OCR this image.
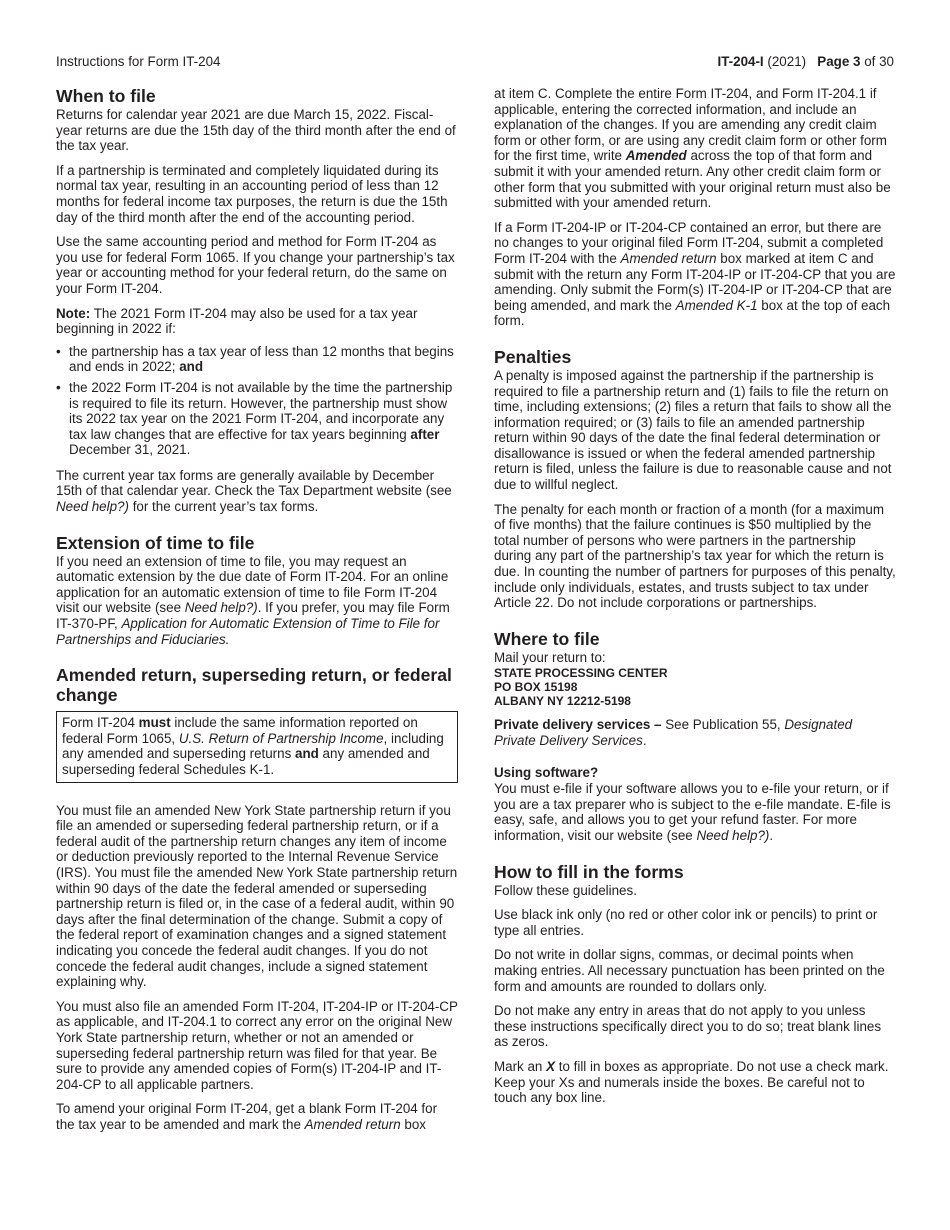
Instructions for Form IT-204	IT-204-I (2021) Page 3 of 30
When to file

Returns for calendar year 2021 are due March 15, 2022. Fiscal-year returns are due the 15th day of the third month after the end of the tax year.

If a partnership is terminated and completely liquidated during its normal tax year, resulting in an accounting period of less than 12 months for federal income tax purposes, the return is due the 15th day of the third month after the end of the accounting period.

Use the same accounting period and method for Form IT-204 as you use for federal Form 1065. If you change your partnership’s tax year or accounting method for your federal return, do the same on your Form IT-204.

Note: The 2021 Form IT-204 may also be used for a tax year beginning in 2022 if:

• the partnership has a tax year of less than 12 months that begins and ends in 2022; and
• the 2022 Form IT-204 is not available by the time the partnership is required to file its return. However, the partnership must show its 2022 tax year on the 2021 Form IT-204, and incorporate any tax law changes that are effective for tax years beginning after December 31, 2021.

The current year tax forms are generally available by December 15th of that calendar year. Check the Tax Department website (see Need help?) for the current year’s tax forms.

Extension of time to file

If you need an extension of time to file, you may request an automatic extension by the due date of Form IT-204. For an online application for an automatic extension of time to file Form IT-204 visit our website (see Need help?). If you prefer, you may file Form IT-370-PF, Application for Automatic Extension of Time to File for Partnerships and Fiduciaries.

Amended return, superseding return, or federal change
Form IT-204 must include the same information reported on federal Form 1065, U.S. Return of Partnership Income, including any amended and superseding returns and any amended and superseding federal Schedules K-1.

You must file an amended New York State partnership return if you file an amended or superseding federal partnership return, or if a federal audit of the partnership return changes any item of income or deduction previously reported to the Internal Revenue Service (IRS). You must file the amended New York State partnership return within 90 days of the date the federal amended or superseding partnership return is filed or, in the case of a federal audit, within 90 days after the final determination of the change. Submit a copy of the federal report of examination changes and a signed statement indicating you concede the federal audit changes. If you do not concede the federal audit changes, include a signed statement explaining why.

You must also file an amended Form IT-204, IT-204-IP or IT-204-CP as applicable, and IT-204.1 to correct any error on the original New York State partnership return, whether or not an amended or superseding federal partnership return was filed for that year. Be sure to provide any amended copies of Form(s) IT-204-IP and IT-204-CP to all applicable partners.

To amend your original Form IT-204, get a blank Form IT-204 for the tax year to be amended and mark the Amended return box

at item C. Complete the entire Form IT-204, and Form IT-204.1 if applicable, entering the corrected information, and include an explanation of the changes. If you are amending any credit claim form or other form, or are using any credit claim form or other form for the first time, write Amended across the top of that form and submit it with your amended return. Any other credit claim form or other form that you submitted with your original return must also be submitted with your amended return.

If a Form IT-204-IP or IT-204-CP contained an error, but there are no changes to your original filed Form IT-204, submit a completed Form IT-204 with the Amended return box marked at item C and submit with the return any Form IT-204-IP or IT-204-CP that you are amending. Only submit the Form(s) IT-204-IP or IT-204-CP that are being amended, and mark the Amended K-1 box at the top of each form.

Penalties

A penalty is imposed against the partnership if the partnership is required to file a partnership return and (1) fails to file the return on time, including extensions; (2) files a return that fails to show all the information required; or (3) fails to file an amended partnership return within 90 days of the date the final federal determination or disallowance is issued or when the federal amended partnership return is filed, unless the failure is due to reasonable cause and not due to willful neglect.

The penalty for each month or fraction of a month (for a maximum of five months) that the failure continues is $50 multiplied by the total number of persons who were partners in the partnership during any part of the partnership’s tax year for which the return is due. In counting the number of partners for purposes of this penalty, include only individuals, estates, and trusts subject to tax under Article 22. Do not include corporations or partnerships.

Where to file

Mail your return to:

STATE PROCESSING CENTER
PO BOX 15198
ALBANY NY 12212-5198

Private delivery services – See Publication 55, Designated Private Delivery Services.

Using software?

You must e-file if your software allows you to e-file your return, or if you are a tax preparer who is subject to the e-file mandate. E-file is easy, safe, and allows you to get your refund faster. For more information, visit our website (see Need help?).

How to fill in the forms

Follow these guidelines.

Use black ink only (no red or other color ink or pencils) to print or type all entries.

Do not write in dollar signs, commas, or decimal points when making entries. All necessary punctuation has been printed on the form and amounts are rounded to dollars only.

Do not make any entry in areas that do not apply to you unless these instructions specifically direct you to do so; treat blank lines as zeros.

Mark an X to fill in boxes as appropriate. Do not use a check mark. Keep your Xs and numerals inside the boxes. Be careful not to touch any box line.
